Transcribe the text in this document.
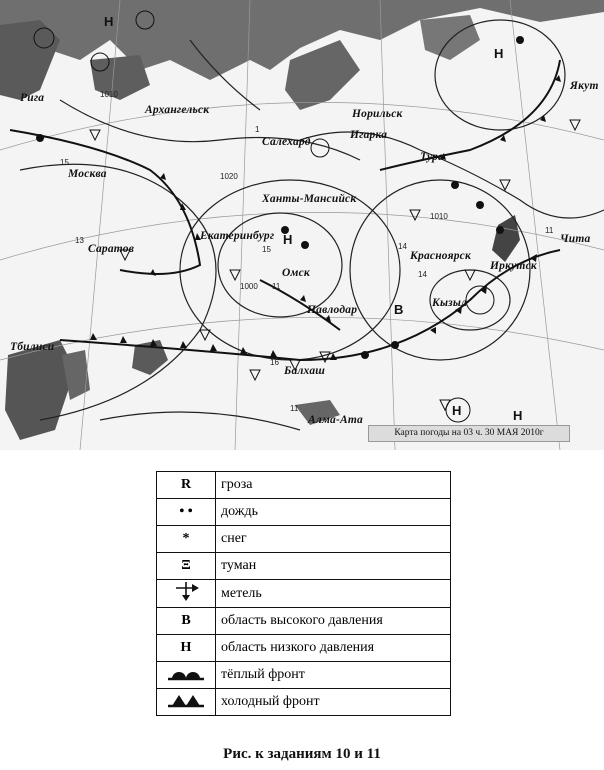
Рига
Архангельск
Москва
Саратов
Тбилиси
Салехард
Норильск
Игарка
Тура
Ханты-Мансийск
Екатеринбург
Омск
Павлодар
Балхаш
Алма-Ата
Красноярск
Иркутск
Кызыл
Чита
Якут
1010
15
13
1
1020
15
11
1000
14
1010
14
16
11
11
Н
Н
Н
В
Н	Н
Карта погоды на 03 ч. 30 МАЯ 2010г
R	гроза
• •	дождь
*	снег
Ξ	туман
	метель
В	область высокого давления
Н	область низкого давления
	тёплый фронт
	холодный фронт
Рис. к заданиям 10 и 11
